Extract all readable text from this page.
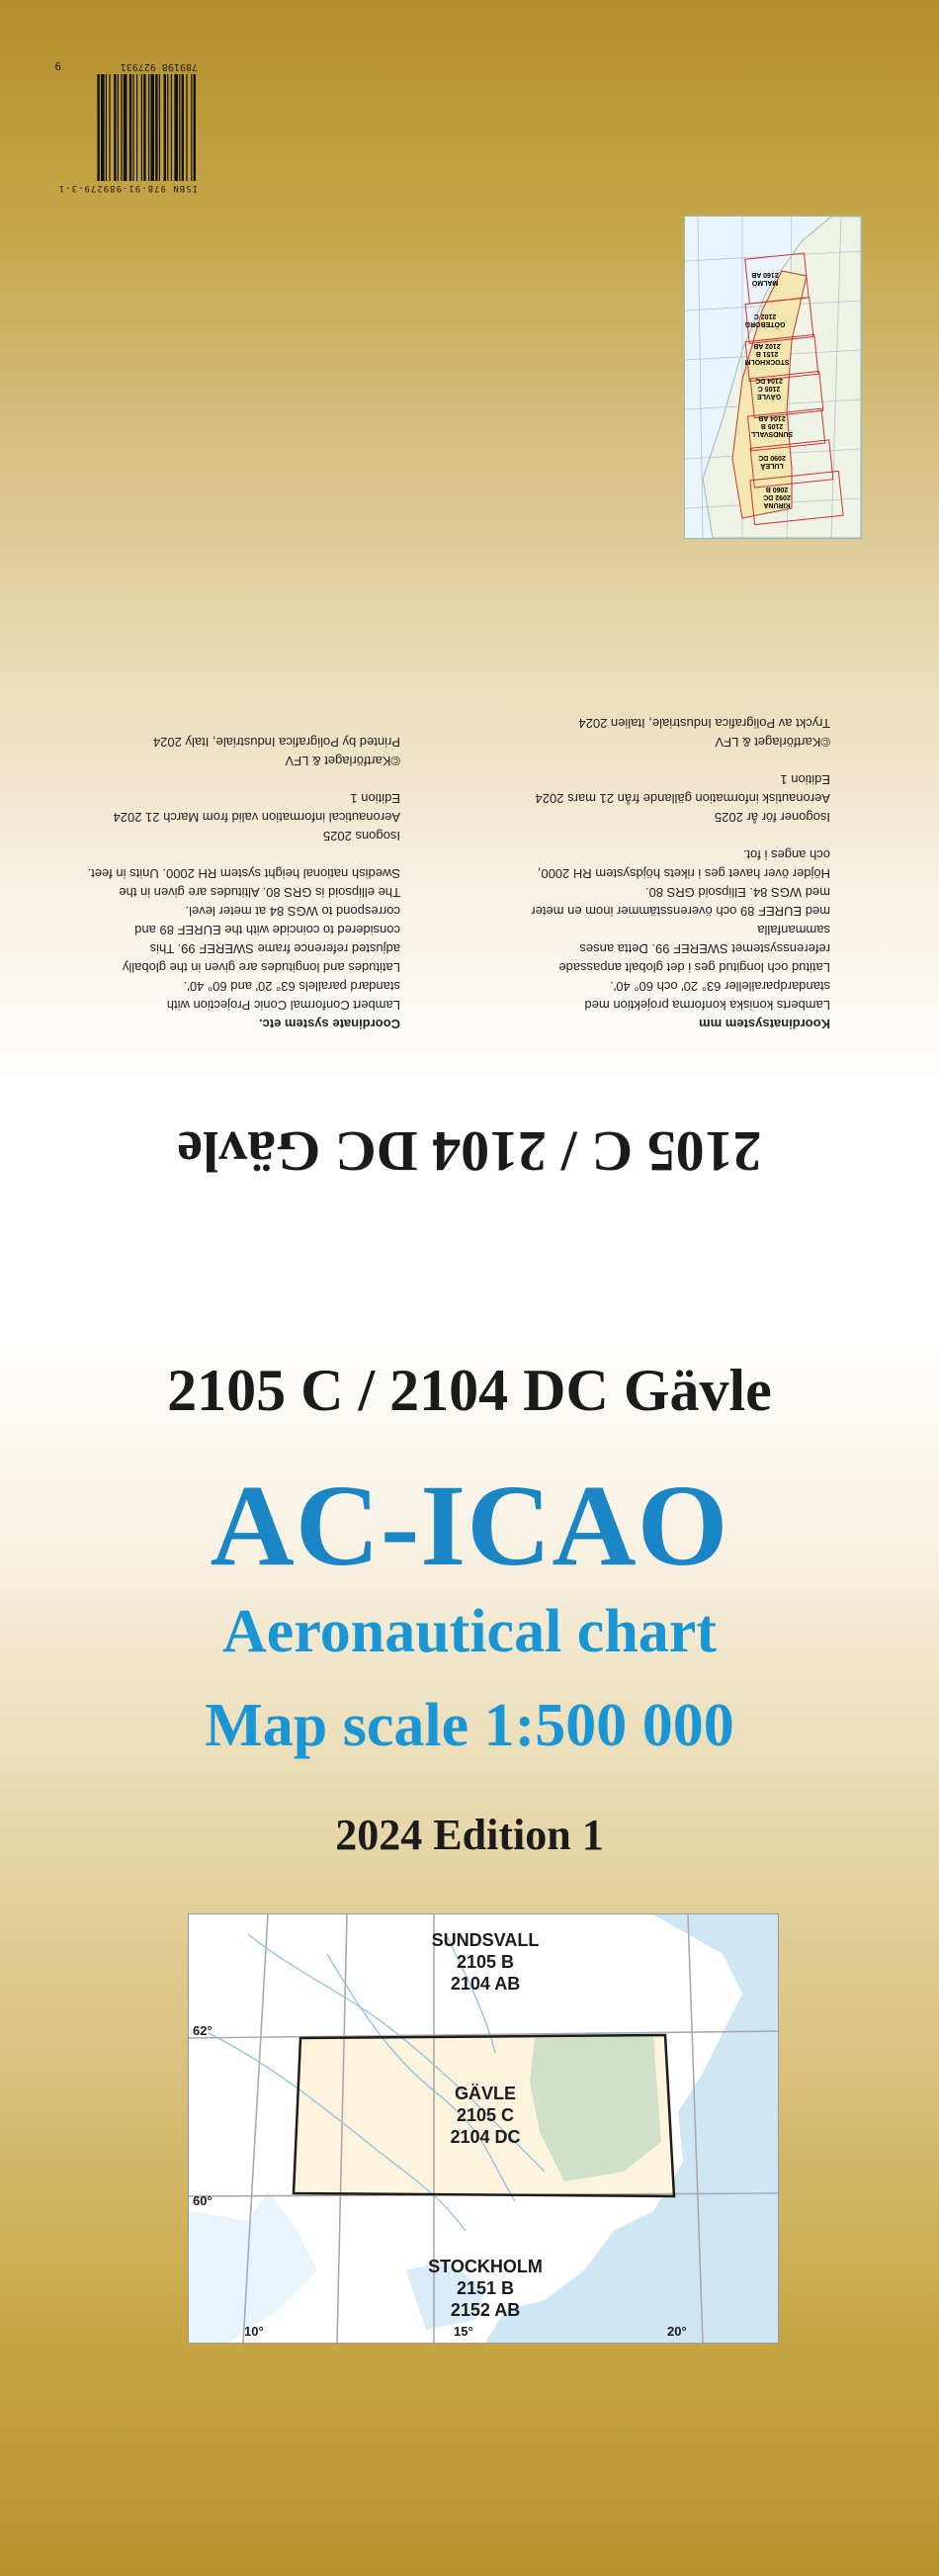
2105 C / 2104 DC Gävle
Coordinate system etc.

Lambert Conformal Conic Projection with
standard parallels 63° 20' and 60° 40'.
Latitudes and longitudes are given in the globally
adjusted reference frame SWEREF 99. This
considered to coincide with the EUREF 89 and
correspond to WGS 84 at meter level.
The ellipsoid is GRS 80. Altitudes are given in the
Swedish national height system RH 2000. Units in feet.

Isogons 2025
Aeronautical information valid from March 21 2024
Edition 1
©Kartförlaget & LFV
Printed by Poligrafica Industriale, Italy 2024
Koordinatsystem mm

Lamberts koniska konforma projektion med
standardparalleller 63° 20' och 60° 40'.
Latitud och longitud ges i det globalt anpassade
referenssystemet SWEREF 99. Detta anses sammanfalla
med EUREF 89 och överensstämmer inom en meter
med WGS 84. Ellipsoid GRS 80.
Höjder över havet ges i rikets höjdsystem RH 2000,
och anges i fot.

Isogoner för år 2025
Aeronautisk information gällande från 21 mars 2024
Edition 1
©Kartförlaget & LFV
Tryckt av Poligrafica Industriale, Italien 2024
KIRUNA
2092 DC
2060 B
LULEÅ
2090 DC
SUNDSVALL
2105 B
2104 AB
GÄVLE
2105 C
2104 DC
STOCKHOLM
2151 B
2102 AB
GÖTEBORG
2102 C
MALMÖ
2160 AB
ISBN 978-91-989279-3-1
789198 927931
9
2105 C / 2104 DC Gävle
AC-ICAO
Aeronautical chart
Map scale 1:500 000
2024 Edition 1
SUNDSVALL
2105 B
2104 AB
GÄVLE
2105 C
2104 DC
STOCKHOLM
2151 B
2152 AB
62°
60°
10°	15°	20°
